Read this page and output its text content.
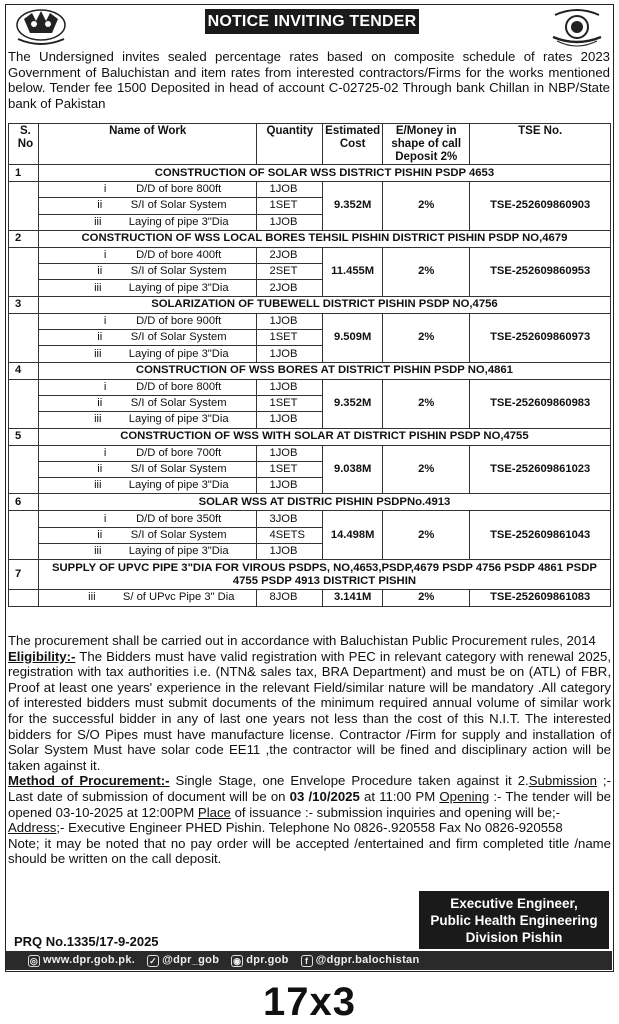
NOTICE INVITING TENDER
The Undersigned invites sealed percentage rates based on composite schedule of rates 2023 Government of Baluchistan and item rates from interested contractors/Firms for the works mentioned below. Tender fee 1500 Deposited in head of account C-02725-02 Through bank Chillan in NBP/State bank of Pakistan
S.
No	Name of Work	Quantity	Estimated
Cost	E/Money in
shape of call
Deposit 2%	TSE No.
1	CONSTRUCTION OF SOLAR WSS DISTRICT PISHIN PSDP 4653				
	i D/D of bore 800ft	1JOB	9.352M	2%	TSE-252609860903
	ii S/I of Solar System	1SET			
	iii Laying of pipe 3"Dia	1JOB			
2	CONSTRUCTION OF WSS LOCAL BORES TEHSIL PISHIN DISTRICT PISHIN PSDP NO,4679				
	i D/D of bore 400ft	2JOB	11.455M	2%	TSE-252609860953
	ii S/I of Solar System	2SET			
	iii Laying of pipe 3"Dia	2JOB			
3	SOLARIZATION OF TUBEWELL DISTRICT PISHIN PSDP NO,4756				
	i D/D of bore 900ft	1JOB	9.509M	2%	TSE-252609860973
	ii S/I of Solar System	1SET			
	iii Laying of pipe 3"Dia	1JOB			
4	CONSTRUCTION OF WSS BORES AT DISTRICT PISHIN PSDP NO,4861				
	i D/D of bore 800ft	1JOB	9.352M	2%	TSE-252609860983
	ii S/I of Solar System	1SET			
	iii Laying of pipe 3"Dia	1JOB			
5	CONSTRUCTION OF WSS WITH SOLAR AT DISTRICT PISHIN PSDP NO,4755				
	i D/D of bore 700ft	1JOB	9.038M	2%	TSE-252609861023
	ii S/I of Solar System	1SET			
	iii Laying of pipe 3"Dia	1JOB			
6	SOLAR WSS AT DISTRIC PISHIN PSDPNo.4913				
	i D/D of bore 350ft	3JOB	14.498M	2%	TSE-252609861043
	ii S/I of Solar System	4SETS			
	iii Laying of pipe 3"Dia	1JOB			
7	SUPPLY OF UPVC PIPE 3"DIA FOR VIROUS PSDPS, NO,4653,PSDP,4679 PSDP 4756 PSDP 4861 PSDP 4755 PSDP 4913 DISTRICT PISHIN				
	iii S/ of UPvc Pipe 3" Dia	8JOB	3.141M	2%	TSE-252609861083
The procurement shall be carried out in accordance with Baluchistan Public Procurement rules, 2014
Eligibility:- The Bidders must have valid registration with PEC in relevant category with renewal 2025, registration with tax authorities i.e. (NTN& sales tax, BRA Department) and must be on (ATL) of FBR, Proof at least one years' experience in the relevant Field/similar nature will be mandatory .All category of interested bidders must submit documents of the minimum required annual volume of similar work for the successful bidder in any of last one years not less than the cost of this N.I.T. The interested bidders for S/O Pipes must have manufacture license. Contractor /Firm for supply and installation of Solar System Must have solar code EE11 ,the contractor will be fined and disciplinary action will be taken against it.
Method of Procurement:- Single Stage, one Envelope Procedure taken against it 2.Submission ;- Last date of submission of document will be on 03 /10/2025 at 11:00 PM Opening :- The tender will be opened 03-10-2025 at 12:00PM Place of issuance :- submission inquiries and opening will be;-
Address;- Executive Engineer PHED Pishin. Telephone No 0826-.920558 Fax No 0826-920558
Note; it may be noted that no pay order will be accepted /entertained and firm completed title /name should be written on the call deposit.
Executive Engineer,
Public Health Engineering
Division Pishin
PRQ No.1335/17-9-2025
◎ www.dpr.gob.pk. ✓ @dpr_gob ◉ dpr.gob	f @dgpr.balochistan
17x3
